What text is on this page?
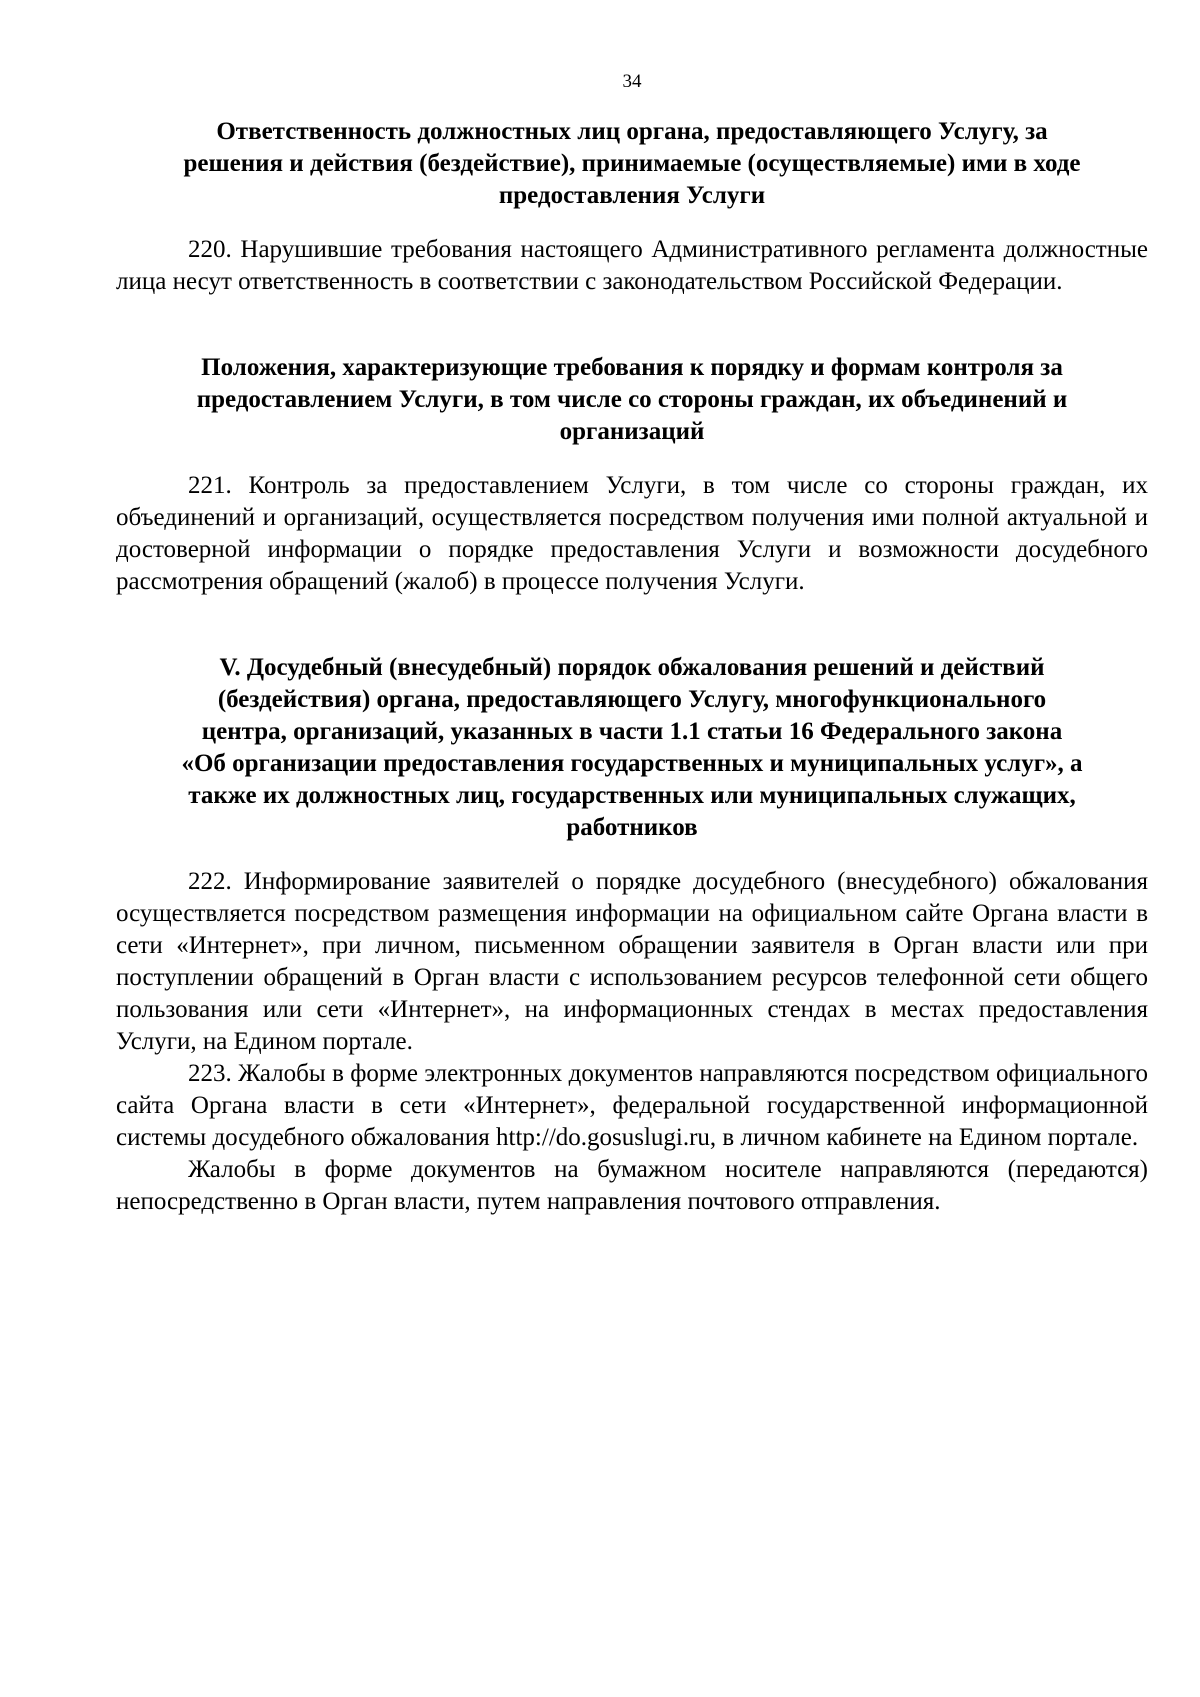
34
Ответственность должностных лиц органа, предоставляющего Услугу, за
решения и действия (бездействие), принимаемые (осуществляемые) ими в ходе
предоставления Услуги

220. Нарушившие требования настоящего Административного регламента должностные лица несут ответственность в соответствии с законодательством Российской Федерации.

Положения, характеризующие требования к порядку и формам контроля за
предоставлением Услуги, в том числе со стороны граждан, их объединений и
организаций

221. Контроль за предоставлением Услуги, в том числе со стороны граждан, их объединений и организаций, осуществляется посредством получения ими полной актуальной и достоверной информации о порядке предоставления Услуги и возможности досудебного рассмотрения обращений (жалоб) в процессе получения Услуги.

V. Досудебный (внесудебный) порядок обжалования решений и действий
(бездействия) органа, предоставляющего Услугу, многофункционального
центра, организаций, указанных в части 1.1 статьи 16 Федерального закона
«Об организации предоставления государственных и муниципальных услуг», а
также их должностных лиц, государственных или муниципальных служащих,
работников

222. Информирование заявителей о порядке досудебного (внесудебного) обжалования осуществляется посредством размещения информации на официальном сайте Органа власти в сети «Интернет», при личном, письменном обращении заявителя в Орган власти или при поступлении обращений в Орган власти с использованием ресурсов телефонной сети общего пользования или сети «Интернет», на информационных стендах в местах предоставления Услуги, на Едином портале.

223. Жалобы в форме электронных документов направляются посредством официального сайта Органа власти в сети «Интернет», федеральной государственной информационной системы досудебного обжалования http://do.gosuslugi.ru, в личном кабинете на Едином портале.

Жалобы в форме документов на бумажном носителе направляются (передаются) непосредственно в Орган власти, путем направления почтового отправления.
